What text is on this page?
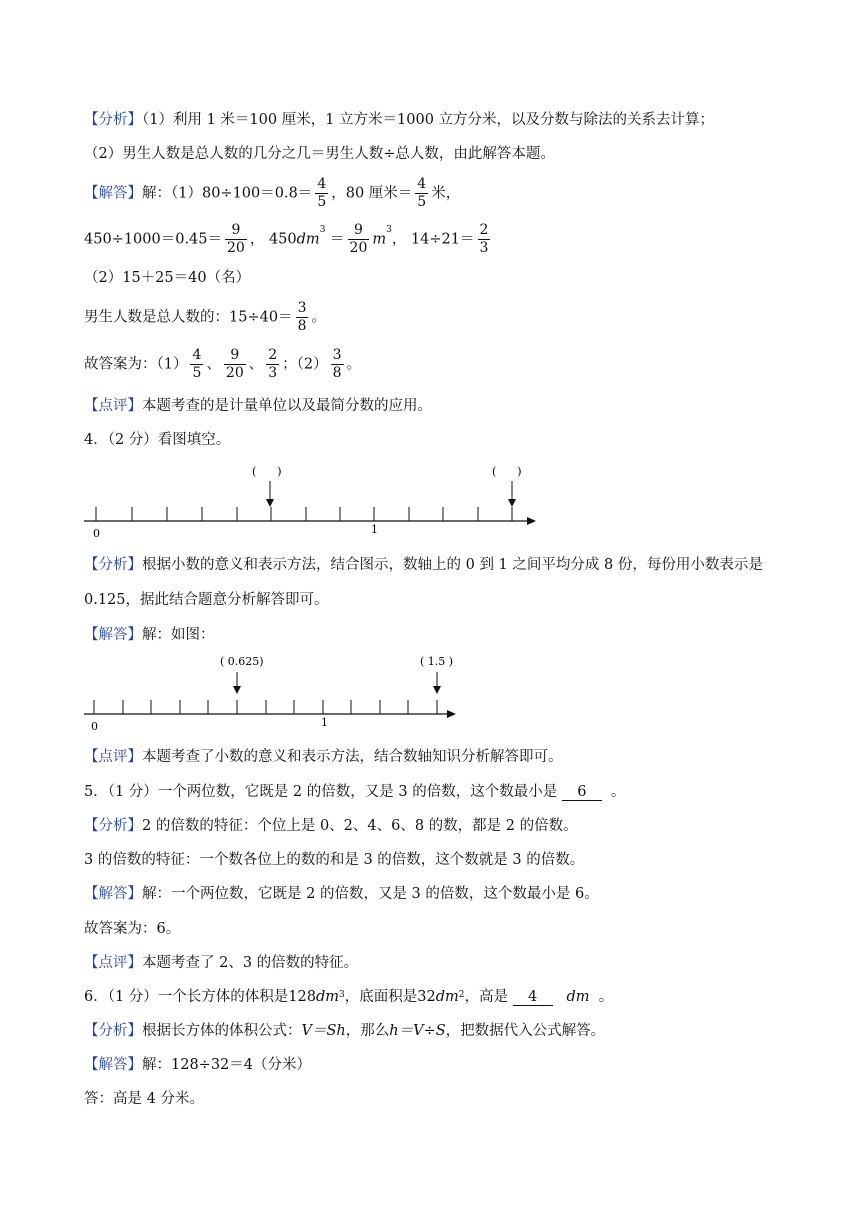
【分析】（1）利用 1 米＝100 厘米，1 立方米＝1000 立方分米，以及分数与除法的关系去计算；
（2）男生人数是总人数的几分之几＝男生人数÷总人数，由此解答本题。
【解答】解：$(1)80\div 100=0.8= \frac{4}{5}$ ，80 厘米＝ $\frac{4}{5}$ 米，
$450\div 1000=0.45= \frac{9}{20}$ ， $450dm^3 = \frac{9}{20} m^3$， $14\div 21= \frac{2}{3}$
（2）15＋25＝40（名）
男生人数是总人数的：$15\div 40= \frac{3}{8}$ 。
故答案为：$(1) \frac{4}{5}$ 、 $\frac{9}{20}$ 、 $\frac{2}{3}$ ；$(2) \frac{3}{8}$ 。
【点评】本题考查的是计量单位以及最简分数的应用。
4．（2 分）看图填空。
0	1
(      )	(      )
【分析】根据小数的意义和表示方法，结合图示，数轴上的 0 到 1 之间平均分成 8 份，每份用小数表示是
0.125，据此结合题意分析解答即可。
【解答】解：如图：
0	1
( 0.625)	( 1.5 )
【点评】本题考查了小数的意义和表示方法，结合数轴知识分析解答即可。
5．（1 分）一个两位数，它既是 2 的倍数，又是 3 的倍数，这个数最小是 6 。
【分析】2 的倍数的特征：个位上是 0、2、4、6、8 的数，都是 2 的倍数。
3 的倍数的特征：一个数各位上的数的和是 3 的倍数，这个数就是 3 的倍数。
【解答】解：一个两位数，它既是 2 的倍数，又是 3 的倍数，这个数最小是 6。
故答案为：6。
【点评】本题考查了 2、3 的倍数的特征。
6．（1 分）一个长方体的体积是$128dm^3$，底面积是$32dm^2$，高是 4 dm 。
【分析】根据长方体的体积公式：V＝Sh，那么h＝V÷S，把数据代入公式解答。
【解答】解：128÷32＝4（分米）
答：高是 4 分米。
